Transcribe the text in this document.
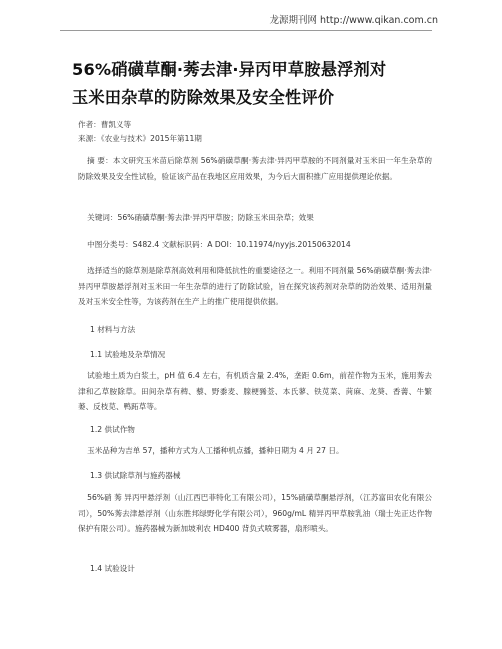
龙源期刊网 http://www.qikan.com.cn
56%硝磺草酮·莠去津·异丙甲草胺悬浮剂对
玉米田杂草的防除效果及安全性评价
作者：曹凯义等
来源：《农业与技术》2015年第11期

摘 要：本文研究玉米苗后除草剂 56%硝磺草酮·莠去津·异丙甲草胺的不同剂量对玉米田一年生杂草的防除效果及安全性试验，验证该产品在我地区应用效果，为今后大面积推广应用提供理论依据。

关键词：56%硝磺草酮·莠去津·异丙甲草胺；防除玉米田杂草；效果

中图分类号：S482.4 文献标识码：A DOI：10.11974/nyyjs.20150632014

选择适当的除草剂是除草剂高效利用和降低抗性的重要途径之一。利用不同剂量 56%硝磺草酮·莠去津·异丙甲草胺悬浮剂对玉米田一年生杂草的进行了防除试验，旨在探究该药剂对杂草的防治效果、适用剂量及对玉米安全性等，为该药剂在生产上的推广使用提供依据。

1 材料与方法
1.1 试验地及杂草情况

试验地土质为白浆土，pH 值 6.4 左右，有机质含量 2.4%，垄距 0.6m，前茬作物为玉米，施用莠去津和乙草胺除草。田间杂草有稗、藜、野黍麦、腺梗豨莶、本氏蓼、铁苋菜、苘麻、龙葵、香薷、牛繁蒌、反枝苋、鸭跖草等。

1.2 供试作物

玉米品种为吉单 57，播种方式为人工播种机点播，播种日期为 4 月 27 日。

1.3 供试除草剂与施药器械

56%硝 莠 异丙甲悬浮剂（山江西巴菲特化工有限公司），15%硝磺草酮悬浮剂，（江苏富田农化有限公司），50%莠去津悬浮剂（山东胜邦绿野化学有限公司），960g/mL 精异丙甲草胺乳油（瑞士先正达作物保护有限公司）。施药器械为新加坡利农 HD400 背负式喷雾器，扇形喷头。

1.4 试验设计
